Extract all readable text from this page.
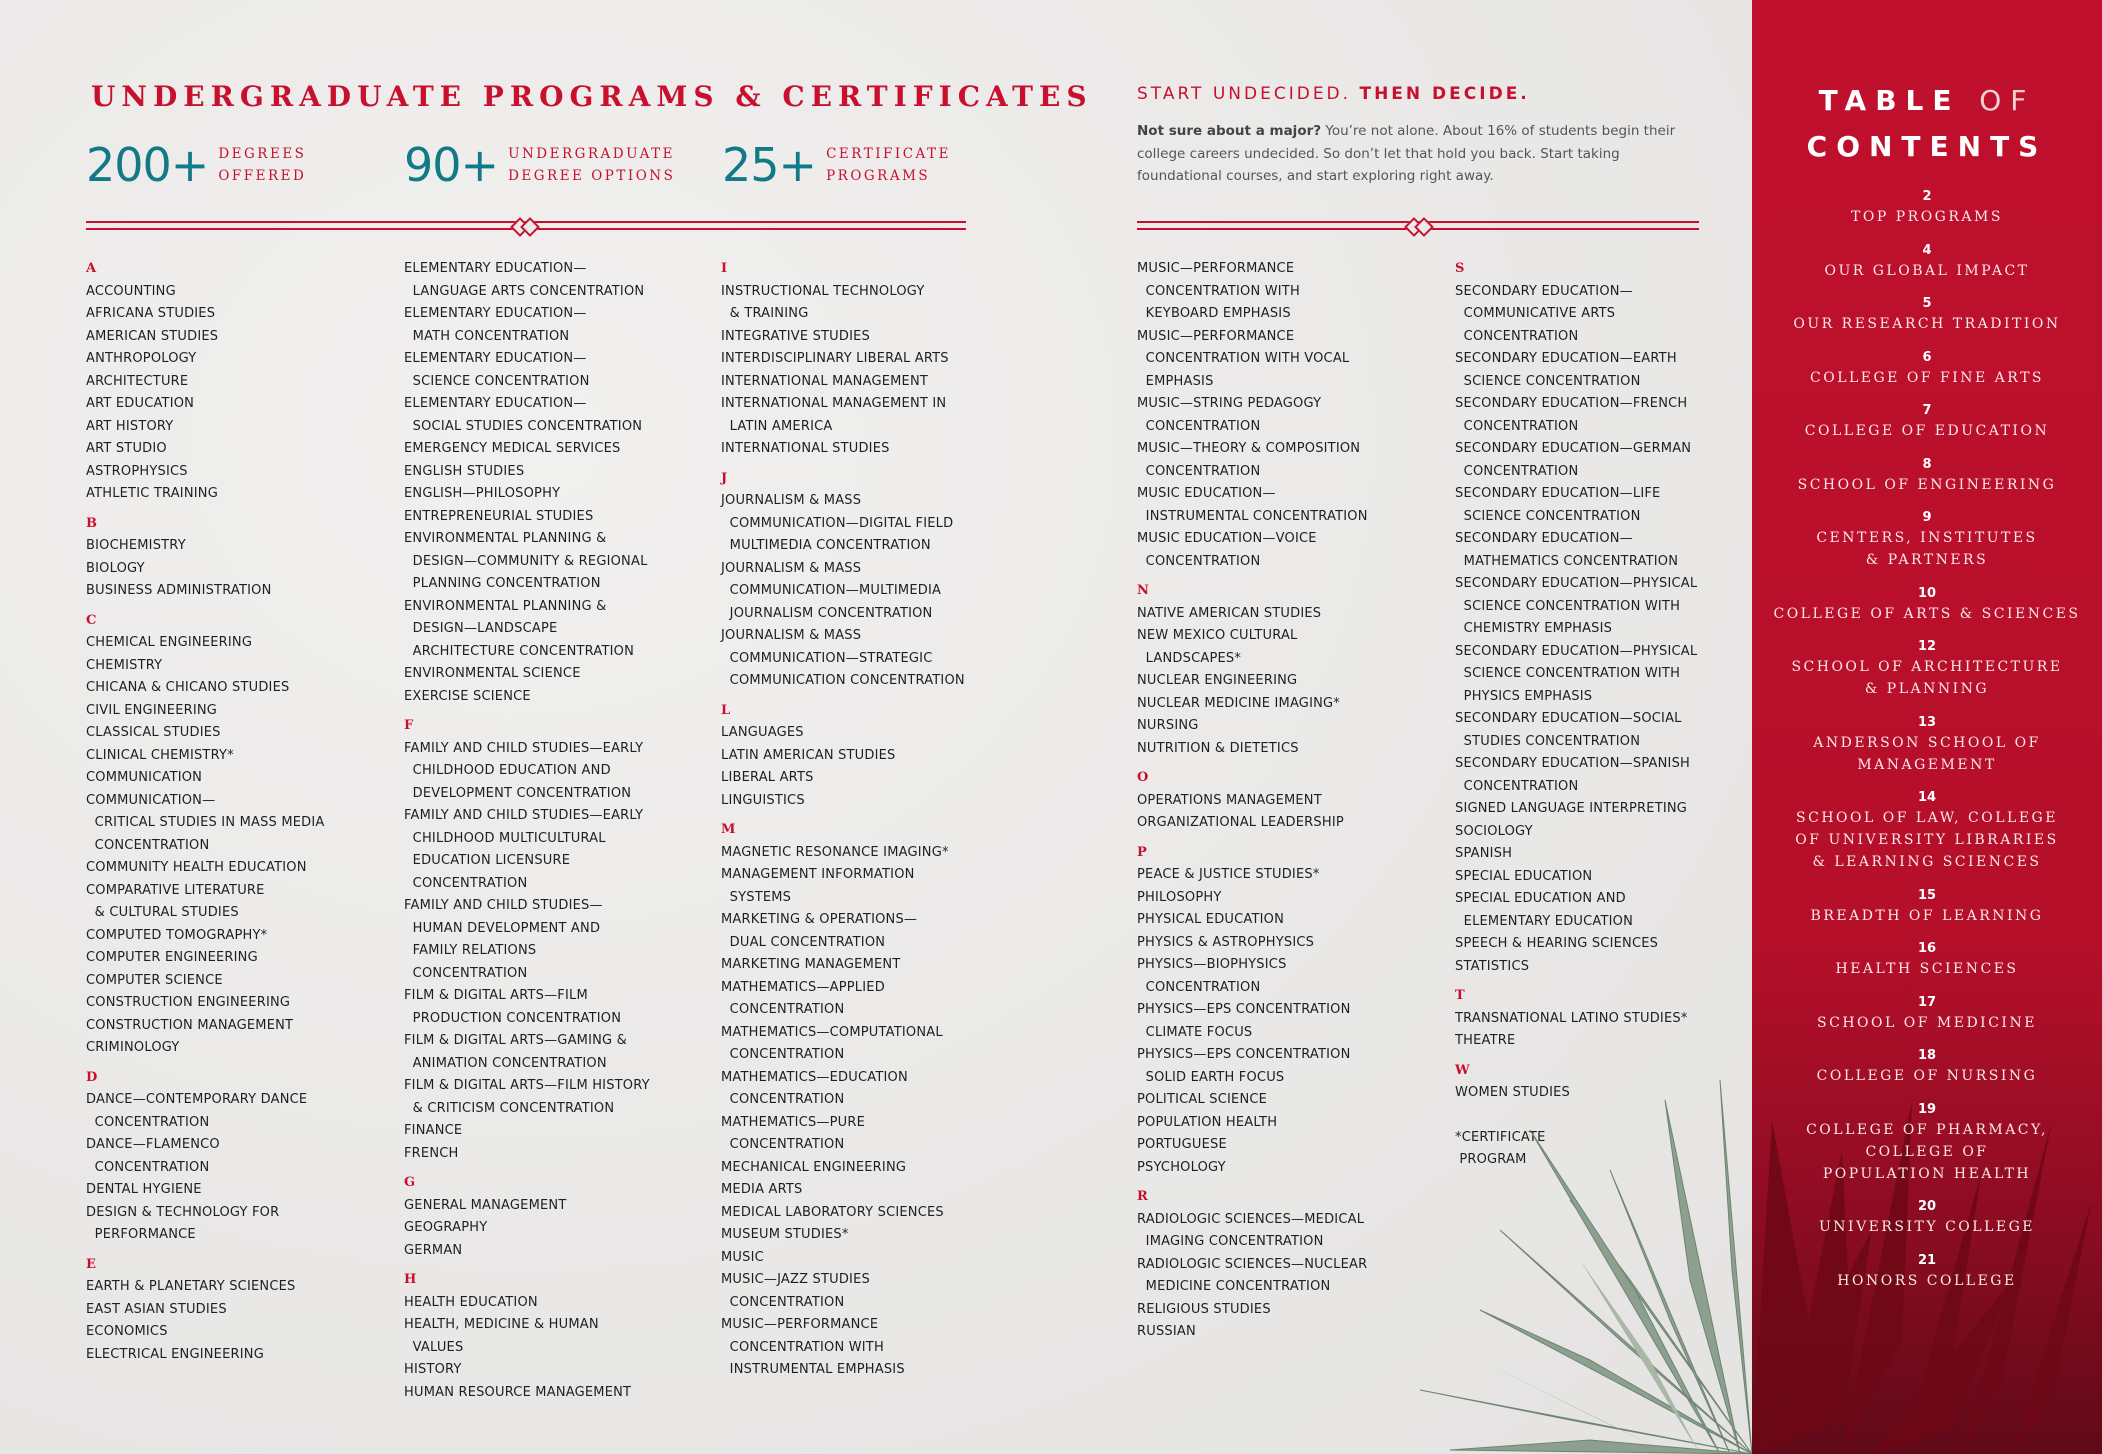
UNDERGRADUATE PROGRAMS & CERTIFICATES
200+ DEGREES
OFFERED 90+ UNDERGRADUATE
DEGREE OPTIONS 25+ CERTIFICATE
PROGRAMS
START UNDECIDED. THEN DECIDE.
Not sure about a major? You’re not alone. About 16% of students begin their
college careers undecided. So don’t let that hold you back. Start taking
foundational courses, and start exploring right away.
A
ACCOUNTING
AFRICANA STUDIES
AMERICAN STUDIES
ANTHROPOLOGY
ARCHITECTURE
ART EDUCATION
ART HISTORY
ART STUDIO
ASTROPHYSICS
ATHLETIC TRAINING
B
BIOCHEMISTRY
BIOLOGY
BUSINESS ADMINISTRATION
C
CHEMICAL ENGINEERING
CHEMISTRY
CHICANA & CHICANO STUDIES
CIVIL ENGINEERING
CLASSICAL STUDIES
CLINICAL CHEMISTRY*
COMMUNICATION
COMMUNICATION—
CRITICAL STUDIES IN MASS MEDIA
CONCENTRATION
COMMUNITY HEALTH EDUCATION
COMPARATIVE LITERATURE
& CULTURAL STUDIES
COMPUTED TOMOGRAPHY*
COMPUTER ENGINEERING
COMPUTER SCIENCE
CONSTRUCTION ENGINEERING
CONSTRUCTION MANAGEMENT
CRIMINOLOGY
D
DANCE—CONTEMPORARY DANCE
CONCENTRATION
DANCE—FLAMENCO
CONCENTRATION
DENTAL HYGIENE
DESIGN & TECHNOLOGY FOR
PERFORMANCE
E
EARTH & PLANETARY SCIENCES
EAST ASIAN STUDIES
ECONOMICS
ELECTRICAL ENGINEERING
ELEMENTARY EDUCATION—
LANGUAGE ARTS CONCENTRATION
ELEMENTARY EDUCATION—
MATH CONCENTRATION
ELEMENTARY EDUCATION—
SCIENCE CONCENTRATION
ELEMENTARY EDUCATION—
SOCIAL STUDIES CONCENTRATION
EMERGENCY MEDICAL SERVICES
ENGLISH STUDIES
ENGLISH—PHILOSOPHY
ENTREPRENEURIAL STUDIES
ENVIRONMENTAL PLANNING &
DESIGN—COMMUNITY & REGIONAL
PLANNING CONCENTRATION
ENVIRONMENTAL PLANNING &
DESIGN—LANDSCAPE
ARCHITECTURE CONCENTRATION
ENVIRONMENTAL SCIENCE
EXERCISE SCIENCE
F
FAMILY AND CHILD STUDIES—EARLY
CHILDHOOD EDUCATION AND
DEVELOPMENT CONCENTRATION
FAMILY AND CHILD STUDIES—EARLY
CHILDHOOD MULTICULTURAL
EDUCATION LICENSURE
CONCENTRATION
FAMILY AND CHILD STUDIES—
HUMAN DEVELOPMENT AND
FAMILY RELATIONS
CONCENTRATION
FILM & DIGITAL ARTS—FILM
PRODUCTION CONCENTRATION
FILM & DIGITAL ARTS—GAMING &
ANIMATION CONCENTRATION
FILM & DIGITAL ARTS—FILM HISTORY
& CRITICISM CONCENTRATION
FINANCE
FRENCH
G
GENERAL MANAGEMENT
GEOGRAPHY
GERMAN
H
HEALTH EDUCATION
HEALTH, MEDICINE & HUMAN
VALUES
HISTORY
HUMAN RESOURCE MANAGEMENT
I
INSTRUCTIONAL TECHNOLOGY
& TRAINING
INTEGRATIVE STUDIES
INTERDISCIPLINARY LIBERAL ARTS
INTERNATIONAL MANAGEMENT
INTERNATIONAL MANAGEMENT IN
LATIN AMERICA
INTERNATIONAL STUDIES
J
JOURNALISM & MASS
COMMUNICATION—DIGITAL FIELD
MULTIMEDIA CONCENTRATION
JOURNALISM & MASS
COMMUNICATION—MULTIMEDIA
JOURNALISM CONCENTRATION
JOURNALISM & MASS
COMMUNICATION—STRATEGIC
COMMUNICATION CONCENTRATION
L
LANGUAGES
LATIN AMERICAN STUDIES
LIBERAL ARTS
LINGUISTICS
M
MAGNETIC RESONANCE IMAGING*
MANAGEMENT INFORMATION
SYSTEMS
MARKETING & OPERATIONS—
DUAL CONCENTRATION
MARKETING MANAGEMENT
MATHEMATICS—APPLIED
CONCENTRATION
MATHEMATICS—COMPUTATIONAL
CONCENTRATION
MATHEMATICS—EDUCATION
CONCENTRATION
MATHEMATICS—PURE
CONCENTRATION
MECHANICAL ENGINEERING
MEDIA ARTS
MEDICAL LABORATORY SCIENCES
MUSEUM STUDIES*
MUSIC
MUSIC—JAZZ STUDIES
CONCENTRATION
MUSIC—PERFORMANCE
CONCENTRATION WITH
INSTRUMENTAL EMPHASIS
MUSIC—PERFORMANCE
CONCENTRATION WITH
KEYBOARD EMPHASIS
MUSIC—PERFORMANCE
CONCENTRATION WITH VOCAL
EMPHASIS
MUSIC—STRING PEDAGOGY
CONCENTRATION
MUSIC—THEORY & COMPOSITION
CONCENTRATION
MUSIC EDUCATION—
INSTRUMENTAL CONCENTRATION
MUSIC EDUCATION—VOICE
CONCENTRATION
N
NATIVE AMERICAN STUDIES
NEW MEXICO CULTURAL
LANDSCAPES*
NUCLEAR ENGINEERING
NUCLEAR MEDICINE IMAGING*
NURSING
NUTRITION & DIETETICS
O
OPERATIONS MANAGEMENT
ORGANIZATIONAL LEADERSHIP
P
PEACE & JUSTICE STUDIES*
PHILOSOPHY
PHYSICAL EDUCATION
PHYSICS & ASTROPHYSICS
PHYSICS—BIOPHYSICS
CONCENTRATION
PHYSICS—EPS CONCENTRATION
CLIMATE FOCUS
PHYSICS—EPS CONCENTRATION
SOLID EARTH FOCUS
POLITICAL SCIENCE
POPULATION HEALTH
PORTUGUESE
PSYCHOLOGY
R
RADIOLOGIC SCIENCES—MEDICAL
IMAGING CONCENTRATION
RADIOLOGIC SCIENCES—NUCLEAR
MEDICINE CONCENTRATION
RELIGIOUS STUDIES
RUSSIAN
S
SECONDARY EDUCATION—
COMMUNICATIVE ARTS
CONCENTRATION
SECONDARY EDUCATION—EARTH
SCIENCE CONCENTRATION
SECONDARY EDUCATION—FRENCH
CONCENTRATION
SECONDARY EDUCATION—GERMAN
CONCENTRATION
SECONDARY EDUCATION—LIFE
SCIENCE CONCENTRATION
SECONDARY EDUCATION—
MATHEMATICS CONCENTRATION
SECONDARY EDUCATION—PHYSICAL
SCIENCE CONCENTRATION WITH
CHEMISTRY EMPHASIS
SECONDARY EDUCATION—PHYSICAL
SCIENCE CONCENTRATION WITH
PHYSICS EMPHASIS
SECONDARY EDUCATION—SOCIAL
STUDIES CONCENTRATION
SECONDARY EDUCATION—SPANISH
CONCENTRATION
SIGNED LANGUAGE INTERPRETING
SOCIOLOGY
SPANISH
SPECIAL EDUCATION
SPECIAL EDUCATION AND
ELEMENTARY EDUCATION
SPEECH & HEARING SCIENCES
STATISTICS
T
TRANSNATIONAL LATINO STUDIES*
THEATRE
W
WOMEN STUDIES
*CERTIFICATE
PROGRAM
TABLE OF
CONTENTS
2
TOP PROGRAMS
4
OUR GLOBAL IMPACT
5
OUR RESEARCH TRADITION
6
COLLEGE OF FINE ARTS
7
COLLEGE OF EDUCATION
8
SCHOOL OF ENGINEERING
9
CENTERS, INSTITUTES
& PARTNERS
10
COLLEGE OF ARTS & SCIENCES
12
SCHOOL OF ARCHITECTURE
& PLANNING
13
ANDERSON SCHOOL OF
MANAGEMENT
14
SCHOOL OF LAW, COLLEGE
OF UNIVERSITY LIBRARIES
& LEARNING SCIENCES
15
BREADTH OF LEARNING
16
HEALTH SCIENCES
17
SCHOOL OF MEDICINE
18
COLLEGE OF NURSING
19
COLLEGE OF PHARMACY,
COLLEGE OF
POPULATION HEALTH
20
UNIVERSITY COLLEGE
21
HONORS COLLEGE
